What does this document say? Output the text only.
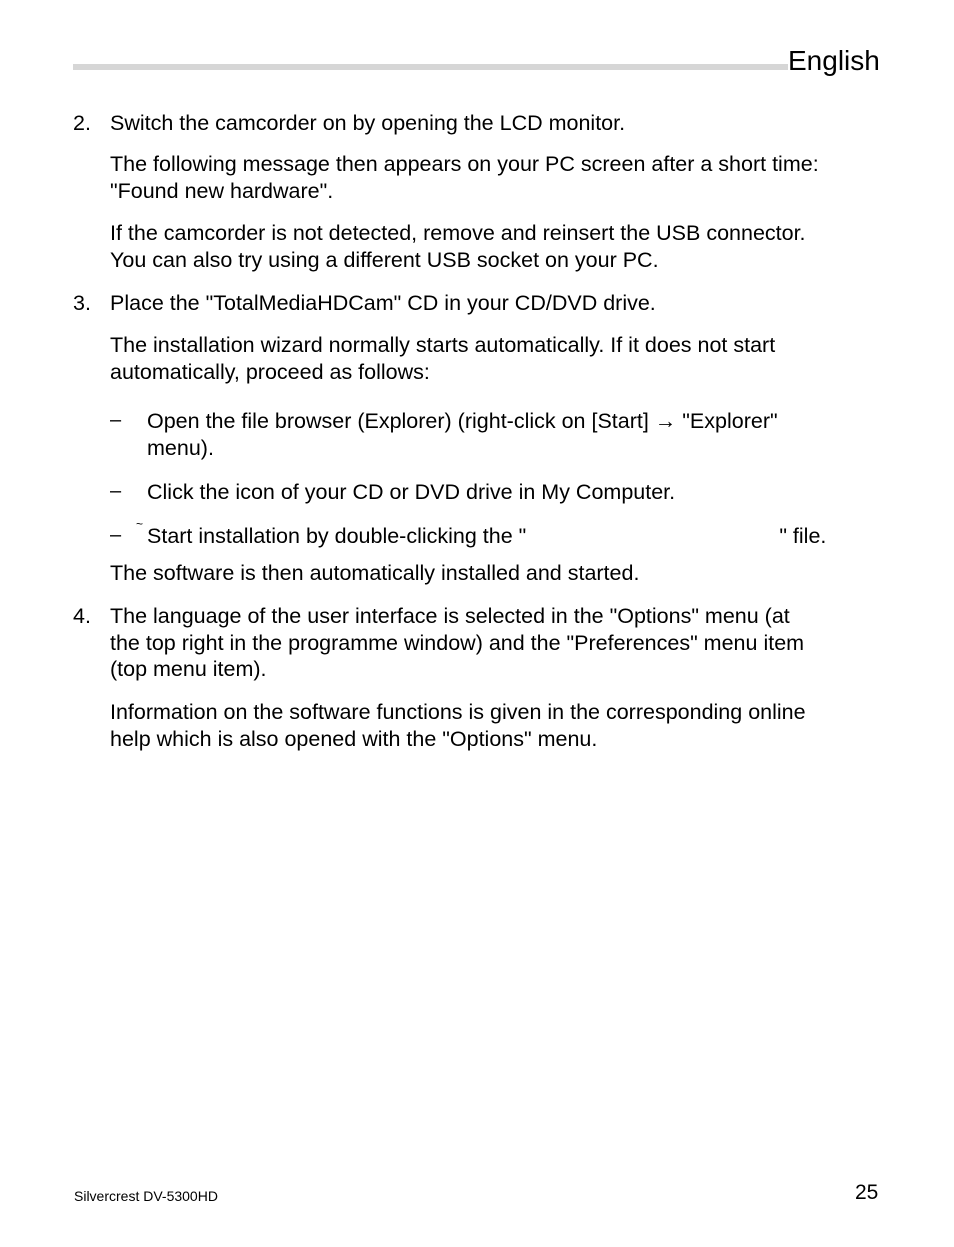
English
2. Switch the camcorder on by opening the LCD monitor.
The following message then appears on your PC screen after a short time:
"Found new hardware".
If the camcorder is not detected, remove and reinsert the USB connector.
You can also try using a different USB socket on your PC.
3. Place the "TotalMediaHDCam" CD in your CD/DVD drive.
The installation wizard normally starts automatically. If it does not start
automatically, proceed as follows:
– Open the file browser (Explorer) (right-click on [Start] → "Explorer"
menu).
– Click the icon of your CD or DVD drive in My Computer.
– ~ Start installation by double-clicking the "	" file.
The software is then automatically installed and started.
4. The language of the user interface is selected in the "Options" menu (at
the top right in the programme window) and the "Preferences" menu item
(top menu item).
Information on the software functions is given in the corresponding online
help which is also opened with the "Options" menu.
Silvercrest DV-5300HD	25
